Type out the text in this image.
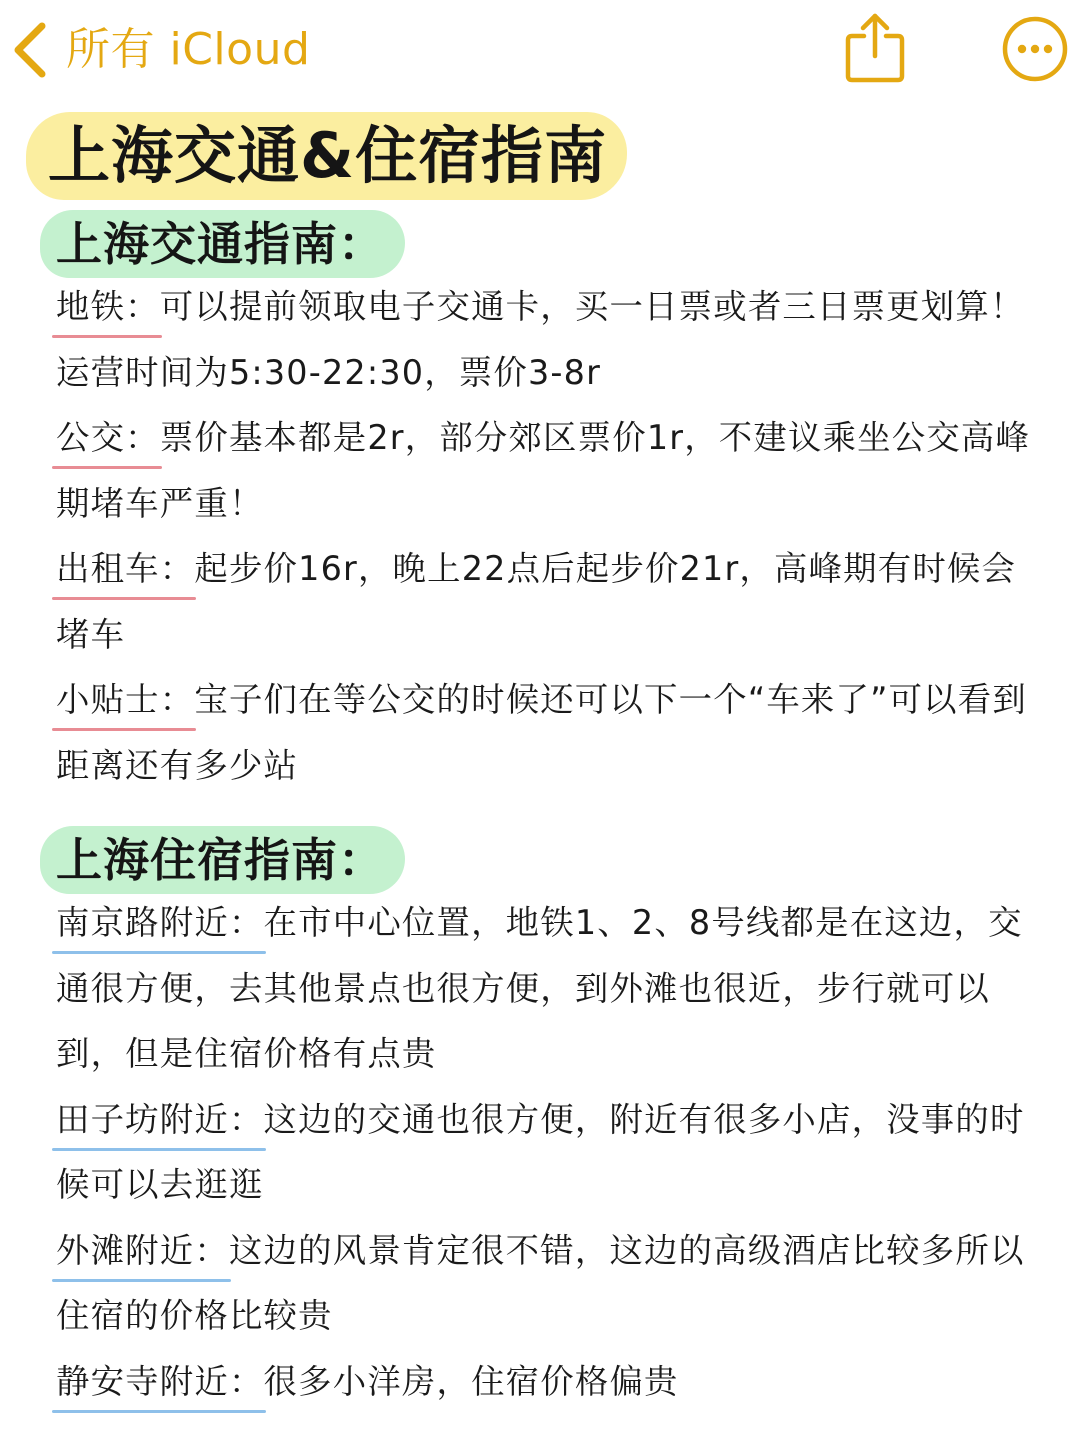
所有 iCloud
上海交通&住宿指南
上海交通指南：

地铁：可以提前领取电子交通卡，买一日票或者三日票更划算！运营时间为5:30-22:30，票价3-8r

公交：票价基本都是2r，部分郊区票价1r，不建议乘坐公交高峰期堵车严重！

出租车：起步价16r，晚上22点后起步价21r，高峰期有时候会堵车

小贴士：宝子们在等公交的时候还可以下一个“车来了”可以看到距离还有多少站

上海住宿指南：

南京路附近：在市中心位置，地铁1、2、8号线都是在这边，交通很方便，去其他景点也很方便，到外滩也很近，步行就可以到，但是住宿价格有点贵

田子坊附近：这边的交通也很方便，附近有很多小店，没事的时候可以去逛逛

外滩附近：这边的风景肯定很不错，这边的高级酒店比较多所以住宿的价格比较贵

静安寺附近：很多小洋房，住宿价格偏贵
